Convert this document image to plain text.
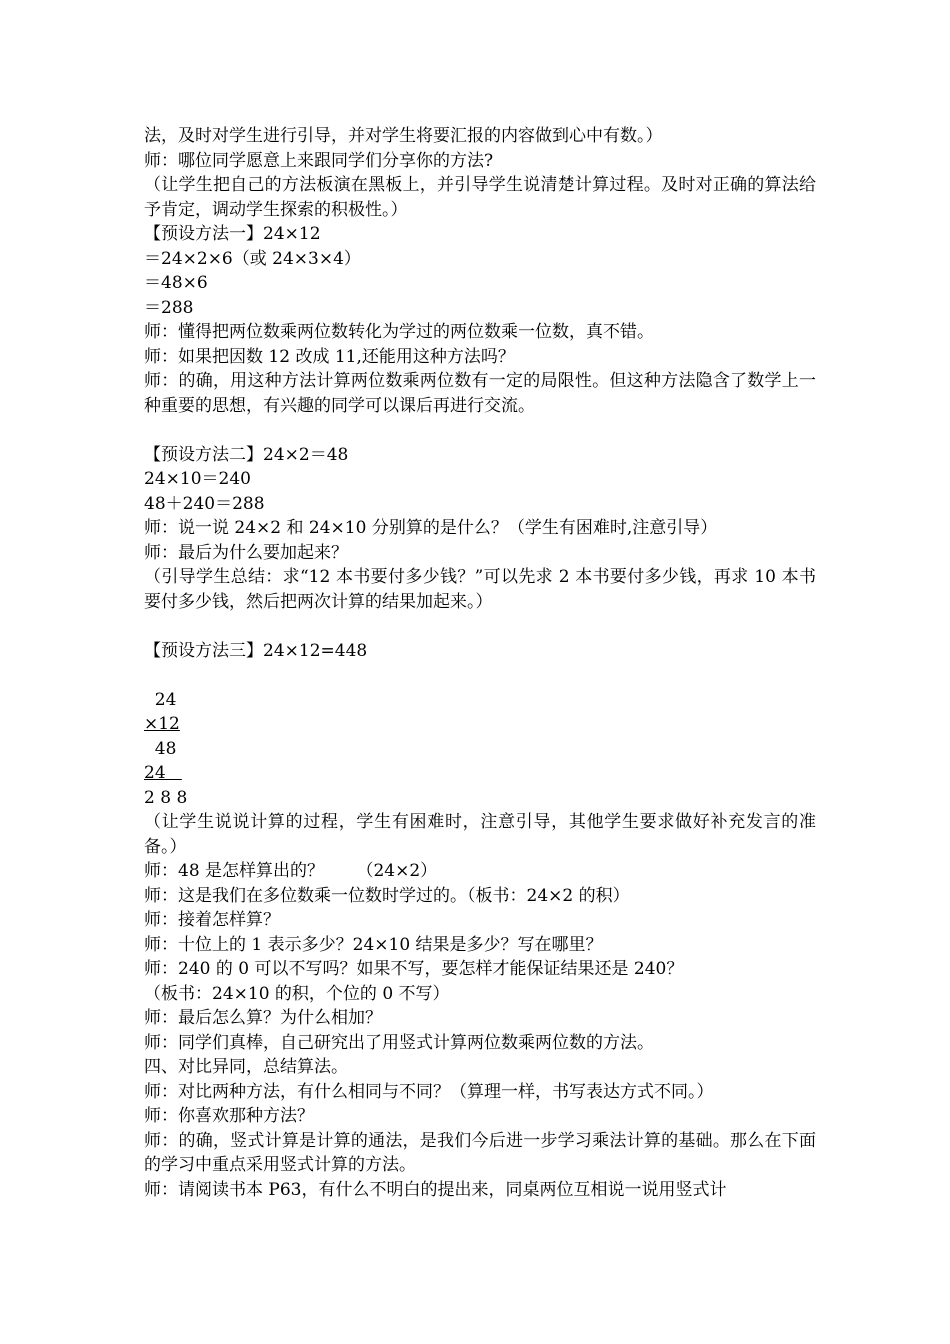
法，及时对学生进行引导，并对学生将要汇报的内容做到心中有数。）
师：哪位同学愿意上来跟同学们分享你的方法?
（让学生把自己的方法板演在黑板上，并引导学生说清楚计算过程。及时对正确的算法给予肯定，调动学生探索的积极性。）
【预设方法一】24×12
＝24×2×6（或 24×3×4）
＝48×6
＝288
师：懂得把两位数乘两位数转化为学过的两位数乘一位数，真不错。
师：如果把因数 12 改成 11,还能用这种方法吗？
师：的确，用这种方法计算两位数乘两位数有一定的局限性。但这种方法隐含了数学上一种重要的思想，有兴趣的同学可以课后再进行交流。
【预设方法二】24×2＝48
24×10＝240
48＋240＝288
师：说一说 24×2 和 24×10 分别算的是什么？（学生有困难时,注意引导）
师：最后为什么要加起来？
（引导学生总结：求“12 本书要付多少钱？”可以先求 2 本书要付多少钱，再求 10 本书要付多少钱，然后把两次计算的结果加起来。）
【预设方法三】24×12=448
24
×12
48
24
2 8 8
（让学生说说计算的过程，学生有困难时，注意引导，其他学生要求做好补充发言的准备。）
师：48 是怎样算出的？      （24×2）
师：这是我们在多位数乘一位数时学过的。（板书：24×2 的积）
师：接着怎样算？
师：十位上的 1 表示多少？24×10 结果是多少？写在哪里？
师：240 的 0 可以不写吗？如果不写，要怎样才能保证结果还是 240？
（板书：24×10 的积，个位的 0 不写）
师：最后怎么算？为什么相加？
师：同学们真棒，自己研究出了用竖式计算两位数乘两位数的方法。
四、对比异同，总结算法。
师：对比两种方法，有什么相同与不同？（算理一样，书写表达方式不同。）
师：你喜欢那种方法？
师：的确，竖式计算是计算的通法，是我们今后进一步学习乘法计算的基础。那么在下面的学习中重点采用竖式计算的方法。
师：请阅读书本 P63，有什么不明白的提出来，同桌两位互相说一说用竖式计
